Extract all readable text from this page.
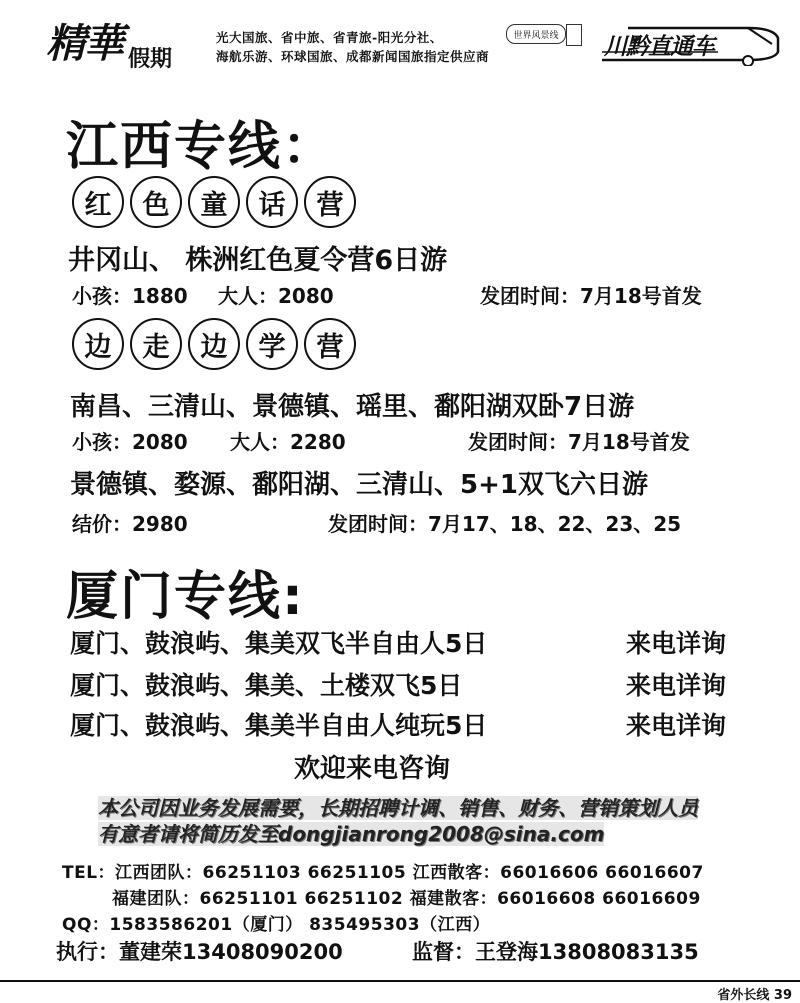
精華 假期
光大国旅、省中旅、省青旅-阳光分社、
海航乐游、环球国旅、成都新闻国旅指定供应商
世界风景线 川黔直通车
江西专线：
红	色	童	话	营
井冈山、 株洲红色夏令营6日游
小孩：1880 大人：2080	发团时间：7月18号首发
边	走	边	学	营
南昌、三清山、景德镇、瑶里、鄱阳湖双卧7日游
小孩：2080 大人：2280	发团时间：7月18号首发
景德镇、婺源、鄱阳湖、三清山、5+1双飞六日游
结价：2980	发团时间：7月17、18、22、23、25
厦门专线:
厦门、鼓浪屿、集美双飞半自由人5日	来电详询
厦门、鼓浪屿、集美、土楼双飞5日	来电详询
厦门、鼓浪屿、集美半自由人纯玩5日	来电详询
欢迎来电咨询
本公司因业务发展需要，长期招聘计调、销售、财务、营销策划人员
有意者请将简历发至dongjianrong2008@sina.com
TEL：江西团队：66251103 66251105 江西散客：66016606 66016607
福建团队：66251101 66251102 福建散客：66016608 66016609
QQ：1583586201（厦门） 835495303（江西）
执行：董建荣13408090200	监督：王登海13808083135
省外长线 39
